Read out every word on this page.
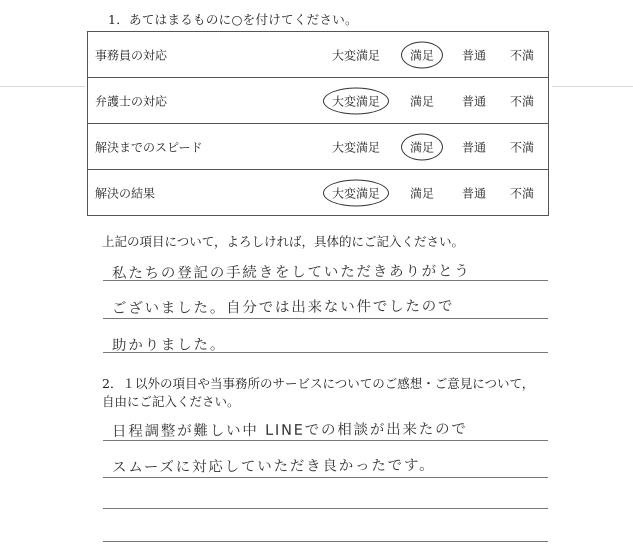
1．あてはまるものに○を付けてください。
事務員の対応	大変満足	満足	普通 不満

弁護士の対応	大変満足	満足 普通 不満

解決までのスピード	大変満足	満足	普通 不満

解決の結果	大変満足	満足 普通 不満
上記の項目について，よろしければ，具体的にご記入ください。
私たちの登記の手続きをしていただきありがとう
ございました。自分では出来ない件でしたので
助かりました。
2．１以外の項目や当事務所のサービスについてのご感想・ご意見について，
自由にご記入ください。
日程調整が難しい中 LINEでの相談が出来たので
スムーズに対応していただき良かったです。
